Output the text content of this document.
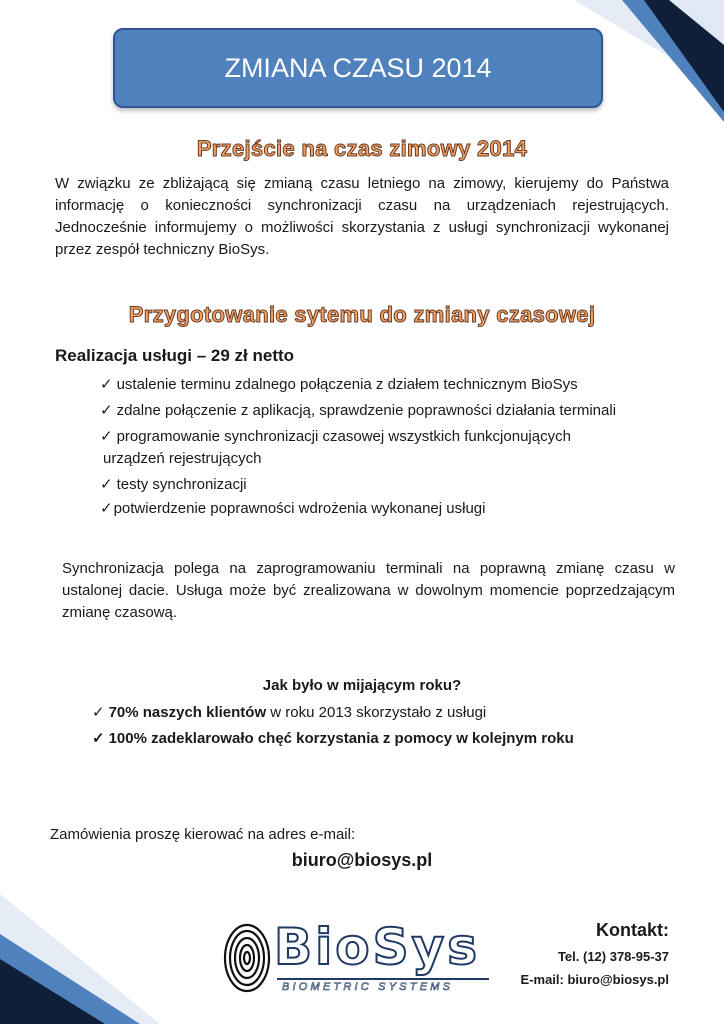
ZMIANA CZASU 2014
Przejście na czas zimowy 2014

W związku ze zbliżającą się zmianą czasu letniego na zimowy, kierujemy do Państwa informację o konieczności synchronizacji czasu na urządzeniach rejestrujących. Jednocześnie informujemy o możliwości skorzystania z usługi synchronizacji wykonanej przez zespół techniczny BioSys.

Przygotowanie sytemu do zmiany czasowej
Realizacja usługi – 29 zł netto
✓ ustalenie terminu zdalnego połączenia z działem technicznym BioSys
✓ zdalne połączenie z aplikacją, sprawdzenie poprawności działania terminali
✓ programowanie synchronizacji czasowej wszystkich funkcjonujących
urządzeń rejestrujących
✓ testy synchronizacji
✓potwierdzenie poprawności wdrożenia wykonanej usługi

Synchronizacja polega na zaprogramowaniu terminali na poprawną zmianę czasu w ustalonej dacie. Usługa może być zrealizowana w dowolnym momencie poprzedzającym zmianę czasową.

Jak było w mijającym roku?
✓ 70% naszych klientów w roku 2013 skorzystało z usługi
✓ 100% zadeklarowało chęć korzystania z pomocy w kolejnym roku
Zamówienia proszę kierować na adres e-mail:
biuro@biosys.pl
BioSys
BIOMETRIC SYSTEMS
Kontakt:
Tel. (12) 378-95-37
E-mail: biuro@biosys.pl
